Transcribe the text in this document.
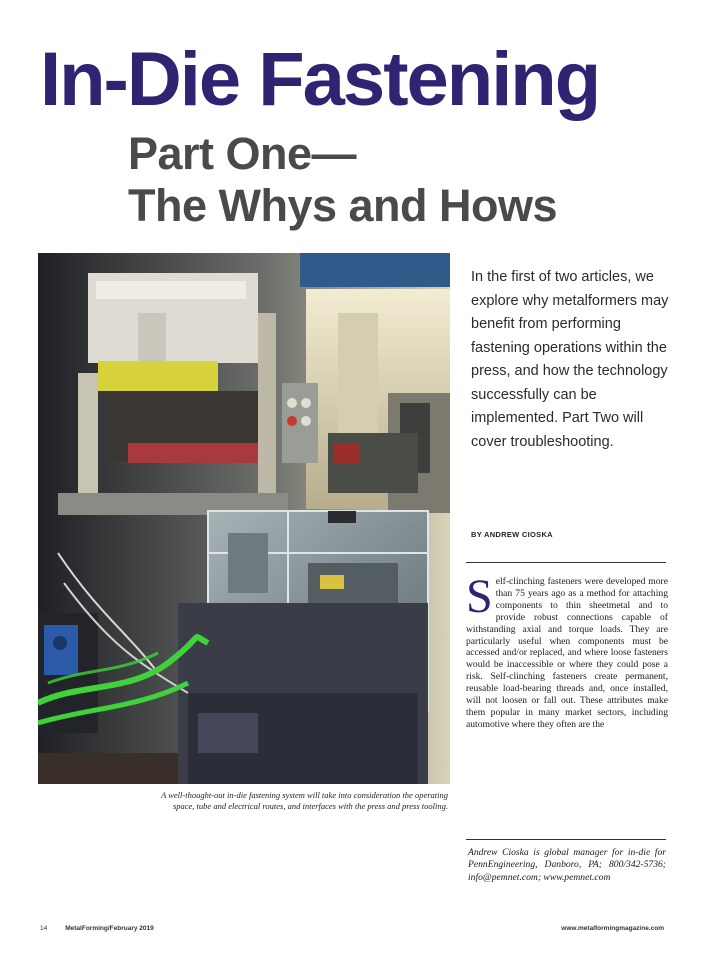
In-Die Fastening
Part One—
The Whys and Hows

A well-thought-out in-die fastening system will take into consideration the operating space, tube and electrical routes, and interfaces with the press and press tooling.

In the first of two articles, we explore why metalformers may benefit from performing fastening operations within the press, and how the technology successfully can be implemented. Part Two will cover troubleshooting.

BY ANDREW CIOSKA

Self-clinching fasteners were developed more than 75 years ago as a method for attaching components to thin sheetmetal and to provide robust connections capable of withstanding axial and torque loads. They are particularly useful when components must be accessed and/or replaced, and where loose fasteners would be inaccessible or where they could pose a risk. Self-clinching fasteners create permanent, reusable load-bearing threads and, once installed, will not loosen or fall out. These attributes make them popular in many market sectors, including automotive where they often are the

Andrew Cioska is global manager for in-die for PennEngineering, Danboro, PA; 800/342-5736; info@pemnet.com; www.pemnet.com

14	MetalForming/February 2019	www.metalformingmagazine.com
